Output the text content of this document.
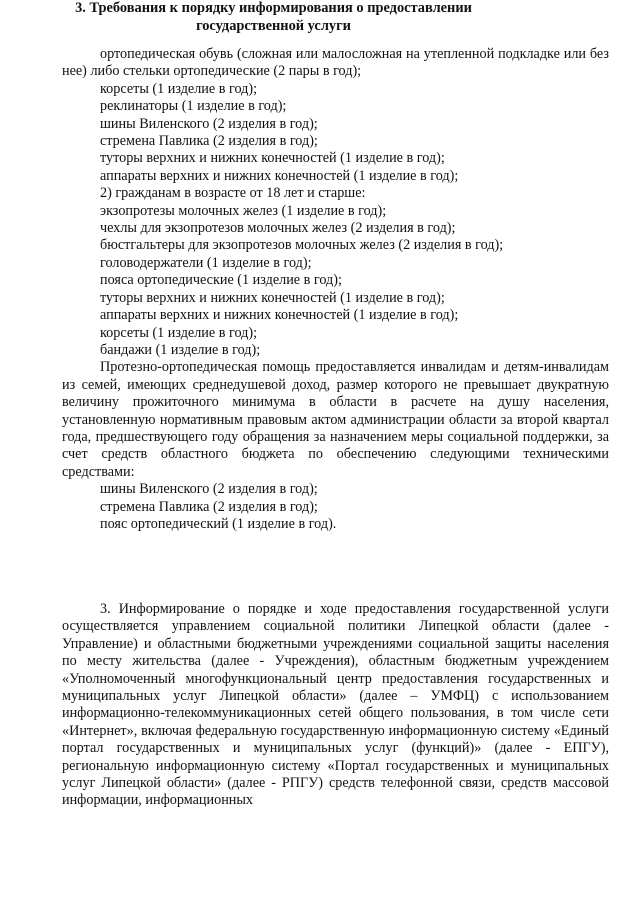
ортопедическая обувь (сложная или малосложная на утепленной подкладке или без нее) либо стельки ортопедические (2 пары в год);

корсеты (1 изделие в год);

реклинаторы (1 изделие в год);

шины Виленского (2 изделия в год);

стремена Павлика (2 изделия в год);

туторы верхних и нижних конечностей (1 изделие в год);

аппараты верхних и нижних конечностей (1 изделие в год);

2) гражданам в возрасте от 18 лет и старше:

экзопротезы молочных желез (1 изделие в год);

чехлы для экзопротезов молочных желез (2 изделия в год);

бюстгальтеры для экзопротезов молочных желез (2 изделия в год);

головодержатели (1 изделие в год);

пояса ортопедические (1 изделие в год);

туторы верхних и нижних конечностей (1 изделие в год);

аппараты верхних и нижних конечностей (1 изделие в год);

корсеты (1 изделие в год);

бандажи (1 изделие в год);

Протезно-ортопедическая помощь предоставляется инвалидам и детям-инвалидам из семей, имеющих среднедушевой доход, размер которого не превышает двукратную величину прожиточного минимума в области в расчете на душу населения, установленную нормативным правовым актом администрации области за второй квартал года, предшествующего году обращения за назначением меры социальной поддержки, за счет средств областного бюджета по обеспечению следующими техническими средствами:

шины Виленского (2 изделия в год);

стремена Павлика (2 изделия в год);

пояс ортопедический (1 изделие в год).

3. Требования к порядку информирования о предоставлении
государственной услуги

3. Информирование о порядке и ходе предоставления государственной услуги осуществляется управлением социальной политики Липецкой области (далее - Управление) и областными бюджетными учреждениями социальной защиты населения по месту жительства (далее - Учреждения), областным бюджетным учреждением «Уполномоченный многофункциональный центр предоставления государственных и муниципальных услуг Липецкой области» (далее – УМФЦ) с использованием информационно-телекоммуникационных сетей общего пользования, в том числе сети «Интернет», включая федеральную государственную информационную систему «Единый портал государственных и муниципальных услуг (функций)» (далее - ЕПГУ), региональную информационную систему «Портал государственных и муниципальных услуг Липецкой области» (далее - РПГУ) средств телефонной связи, средств массовой информации, информационных
